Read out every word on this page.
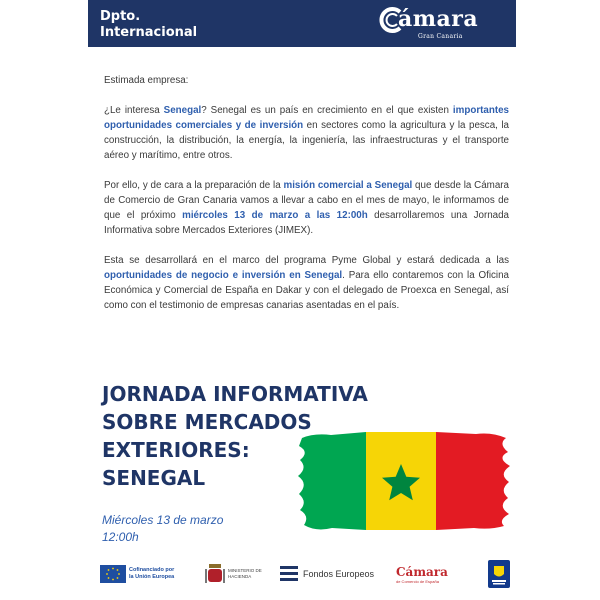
Dpto.
Internacional
ámara
Gran Canaria

Estimada empresa:

¿Le interesa Senegal? Senegal es un país en crecimiento en el que existen importantes oportunidades comerciales y de inversión en sectores como la agricultura y la pesca, la construcción, la distribución, la energía, la ingeniería, las infraestructuras y el transporte aéreo y marítimo, entre otros.

Por ello, y de cara a la preparación de la misión comercial a Senegal que desde la Cámara de Comercio de Gran Canaria vamos a llevar a cabo en el mes de mayo, le informamos de que el próximo miércoles 13 de marzo a las 12:00h desarrollaremos una Jornada Informativa sobre Mercados Exteriores (JIMEX).

Esta se desarrollará en el marco del programa Pyme Global y estará dedicada a las oportunidades de negocio e inversión en Senegal. Para ello contaremos con la Oficina Económica y Comercial de España en Dakar y con el delegado de Proexca en Senegal, así como con el testimonio de empresas canarias asentadas en el país.

JORNADA INFORMATIVA
SOBRE MERCADOS
EXTERIORES:
SENEGAL
Miércoles 13 de marzo
12:00h
Cofinanciado por la Unión Europea
MINISTERIO DE HACIENDA	Fondos Europeos Cámara
de Comercio de España
